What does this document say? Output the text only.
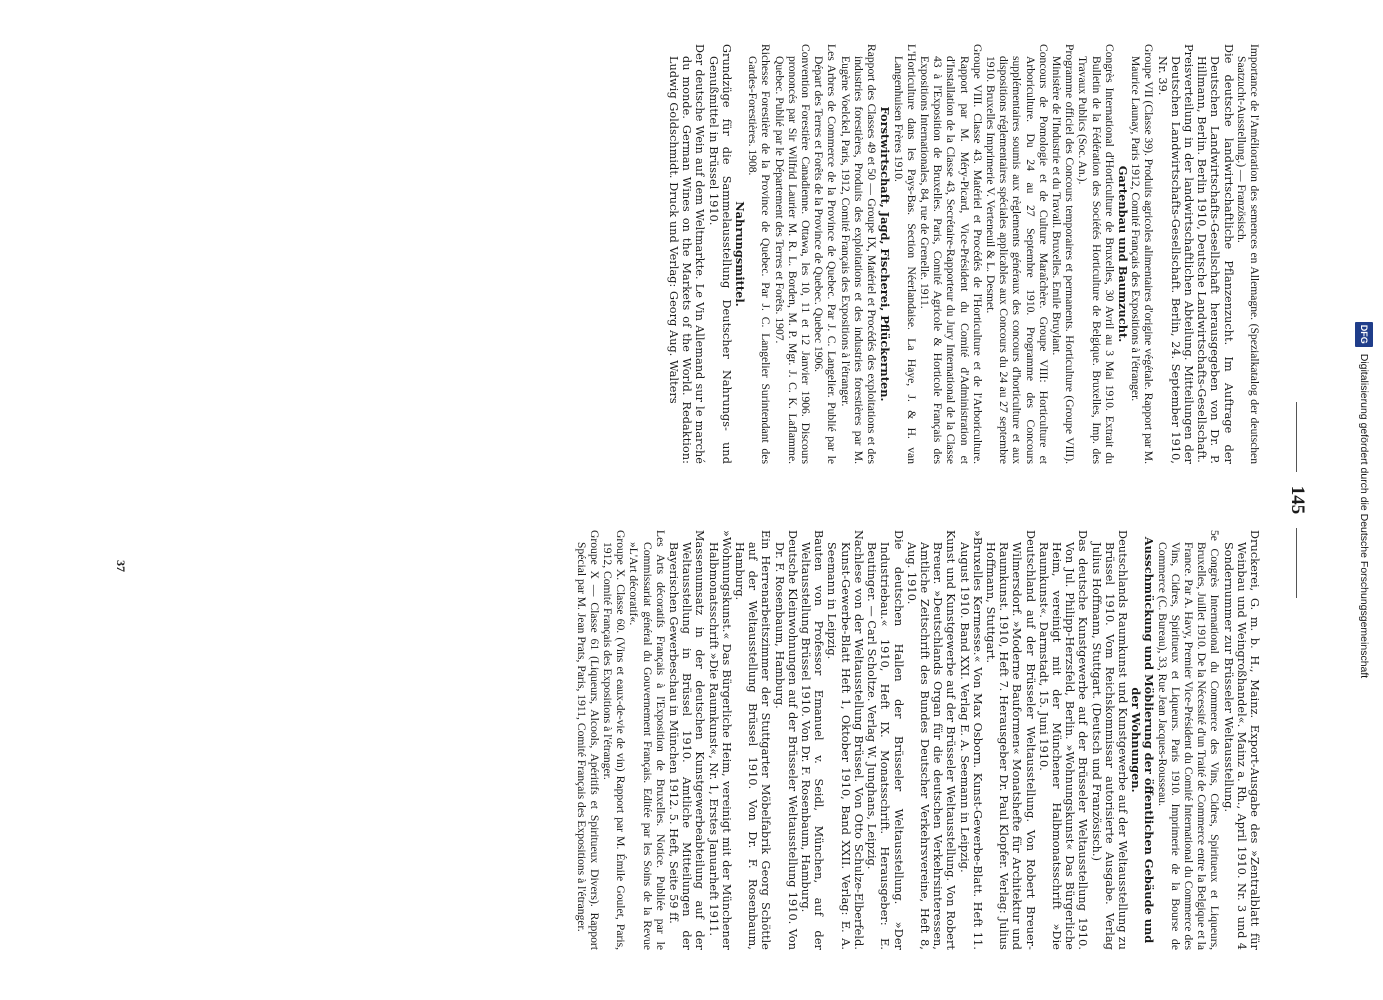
DFG Digitalisierung gefördert durch die Deutsche Forschungsgemeinschaft
145

Importance de l'Amélioration des semences en Allemagne. (Spezialkatalog der deutschen Saatzucht-Ausstellung.) — Französisch.

Die deutsche landwirtschaftliche Pflanzenzucht. Im Auftrage der Deutschen Landwirtschafts-Gesellschaft herausgegeben von Dr. P. Hillmann, Berlin. Berlin 1910, Deutsche Landwirtschafts-Gesellschaft.

Preisverteilung in der landwirtschaftlichen Abteilung. Mitteilungen der Deutschen Landwirtschafts-Gesellschaft. Berlin, 24. September 1910, Nr. 39.

Groupe VII (Classe 39). Produits agricoles alimentaires d'origine végétale. Rapport par M. Maurice Launay, Paris 1912, Comité Français des Expositions à l'étranger.

Gartenbau und Baumzucht.

Congrès International d'Horticulture de Bruxelles, 30 Avril au 3 Mai 1910. Extrait du Bulletin de la Fédération des Sociétés Horticulture de Belgique. Bruxelles, Imp. des Travaux Publics (Soc. An.).

Programme officiel des Concours temporaires et permanents. Horticulture (Groupe VIII). Ministère de l'Industrie et du Travail. Bruxelles. Emile Bruylant.

Concours de Pomologie et de Culture Maraîchère. Groupe VIII: Horticulture et Arboriculture. Du 24 au 27 Septembre 1910. Programme des Concours supplémentaires soumis aux règlements généraux des concours d'horticulture et aux dispositions réglementaires spéciales applicables aux Concours du 24 au 27 septembre 1910. Bruxelles Imprimerie V. Verteneuil & L. Desmet.

Groupe VIII. Classe 43. Matériel et Procédés de l'Horticulture et de l'Arboriculture. Rapport par M. Méry-Picard, Vice-Président du Comité d'Administration et d'Installation de la Classe 43, Secrétaire-Rapporteur du Jury International de la Classe 43 à l'Exposition de Bruxelles. Paris, Comité Agricole & Horticole Français des Expositions Internationales, 84, rue de Grenelle. 1911.

L'Horticulture dans les Pays-Bas. Section Néerlandaise. La Haye, J. & H. van Langenhuisen Frères 1910.

Forstwirtschaft, Jagd, Fischerei, Pflückernten.

Rapport des Classes 49 et 50 — Groupe IX, Matériel et Procédés des exploitations et des industries forestières, Produits des exploitations et des industries forestières par M. Eugène Voelckel, Paris, 1912, Comité Français des Expositions à l'étranger.

Les Arbres de Commerce de la Province de Quebec. Par J. C. Langelier. Publié par le Départ des Terres et Forêts de la Province de Quebec. Quebec 1906.

Convention Forestière Canadienne. Ottawa, les 10, 11 et 12 Janvier 1906. Discours prononcés par Sir Wilfrid Laurier M. R. L. Borden, M. P. Mgr. J. C. K. Laflamme. Quebec. Publié par le Département des Terres et Forêts. 1907.

Richesse Forestière de la Province de Quebec. Par J. C. Langelier Surintendant des Gardes-Forestières. 1908.

Nahrungsmittel.

Grundzüge für die Sammelausstellung Deutscher Nahrungs- und Genußmittel in Brüssel 1910.

Der deutsche Wein auf dem Weltmarkte. Le Vin Allemand sur le marché du monde. German Wines on the Markets of the World. Redaktion: Ludwig Goldschmidt. Druck und Verlag: Georg Aug. Walters

Druckerei, G. m. b. H., Mainz. Export-Ausgabe des »Zentralblatt für Weinbau und Weingroßhandel«. Mainz a. Rh., April 1910. Nr. 3 und 4 Sondernummer zur Brüsseler Weltausstellung.

5e Congrès International du Commerce des Vins, Cidres, Spiritueux et Liqueurs, Bruxelles, Juillet 1910. De la Nécessité d'un Traité de Commerce entre la Belgique et la France. Par A. Havy, Premier Vice-Président du Comité International du Commerce des Vins, Cidres, Spiritueux et Liqueurs. Paris 1910. Imprimerie de la Bourse de Commerce (C. Bureau), 33, Rue Jean Jacques-Rousseau.

Ausschmückung und Möblierung der öffentlichen Gebäude und der Wohnungen.

Deutschlands Raumkunst und Kunstgewerbe auf der Weltausstellung zu Brüssel 1910. Vom Reichskommissar autorisierte Ausgabe. Verlag Julius Hoffmann, Stuttgart. (Deutsch und Französisch.)

Das deutsche Kunstgewerbe auf der Brüsseler Weltausstellung 1910. Von Jul. Philipp-Herzsfeld, Berlin. »Wohnungskunst« Das Bürgerliche Heim, vereinigt mit der Münchener Halbmonatsschrift »Die Raumkunst«. Darmstadt, 15. Juni 1910.

Deutschland auf der Brüsseler Weltausstellung. Von Robert Breuer-Wilmersdorf. »Moderne Bauformen« Monatshefte für Architektur und Raumkunst. 1910, Heft 7. Herausgeber Dr. Paul Klopfer. Verlag: Julius Hoffmann, Stuttgart.

»Bruxelles Kermesse.« Von Max Osborn. Kunst-Gewerbe-Blatt. Heft 11. August 1910. Band XXI. Verlag E. A. Seemann in Leipzig.

Kunst und Kunstgewerbe auf der Brüsseler Weltausstellung. Von Robert Breuer. »Deutschlands Organ für die deutschen Verkehrsinteressen, Amtliche Zeitschrift des Bundes Deutscher Verkehrsvereine, Heft 8, Aug. 1910.

Die deutschen Hallen der Brüsseler Weltausstellung. »Der Industriebau.« 1910, Heft IX. Monatsschrift. Herausgeber: E. Beutinger. — Carl Scholtze. Verlag W. Junghans, Leipzig.

Nachlese von der Weltausstellung Brüssel. Von Otto Schulze-Elberfeld. Kunst-Gewerbe-Blatt Heft 1, Oktober 1910, Band XXII. Verlag: E. A. Seemann in Leipzig.

Bauten von Professor Emanuel v. Seidl, München, auf der Weltausstellung Brüssel 1910. Von Dr. F. Rosenbaum, Hamburg.

Deutsche Kleinwohnungen auf der Brüsseler Weltausstellung 1910. Von Dr. F. Rosenbaum, Hamburg.

Ein Herrenarbeitszimmer der Stuttgarter Möbelfabrik Georg Schöttle auf der Weltausstellung Brüssel 1910. Von Dr. F. Rosenbaum, Hamburg.

»Wohnungskunst.« Das Bürgerliche Heim, vereinigt mit der Münchener Halbmonatsschrift »Die Raumkunst«, Nr. 1, Erstes Januarheft 1911.

Massenumsatz in der deutschen Kunstgewerbeabteilung auf der Weltausstellung in Brüssel 1910. Amtliche Mitteilungen der Bayerischen Gewerbeschau in München 1912. 5. Heft, Seite 59 ff.

Les Arts décoratifs Français à l'Exposition de Bruxelles. Notice. Publiée par le Commissariat général du Gouvernement Français. Editée par les Soins de la Revue »L'Art décoratif«.

Groupe X. Classe 60. (Vins et eaux-de-vie de vin) Rapport par M. Émile Goulet, Paris, 1912, Comité Français des Expositions à l'étranger.

Groupe X — Classe 61 (Liqueurs, Alcools, Apéritifs et Spiritueux Divers). Rapport Spécial par M. Jean Prats, Paris, 1911, Comité Français des Expositions à l'étranger.

37
